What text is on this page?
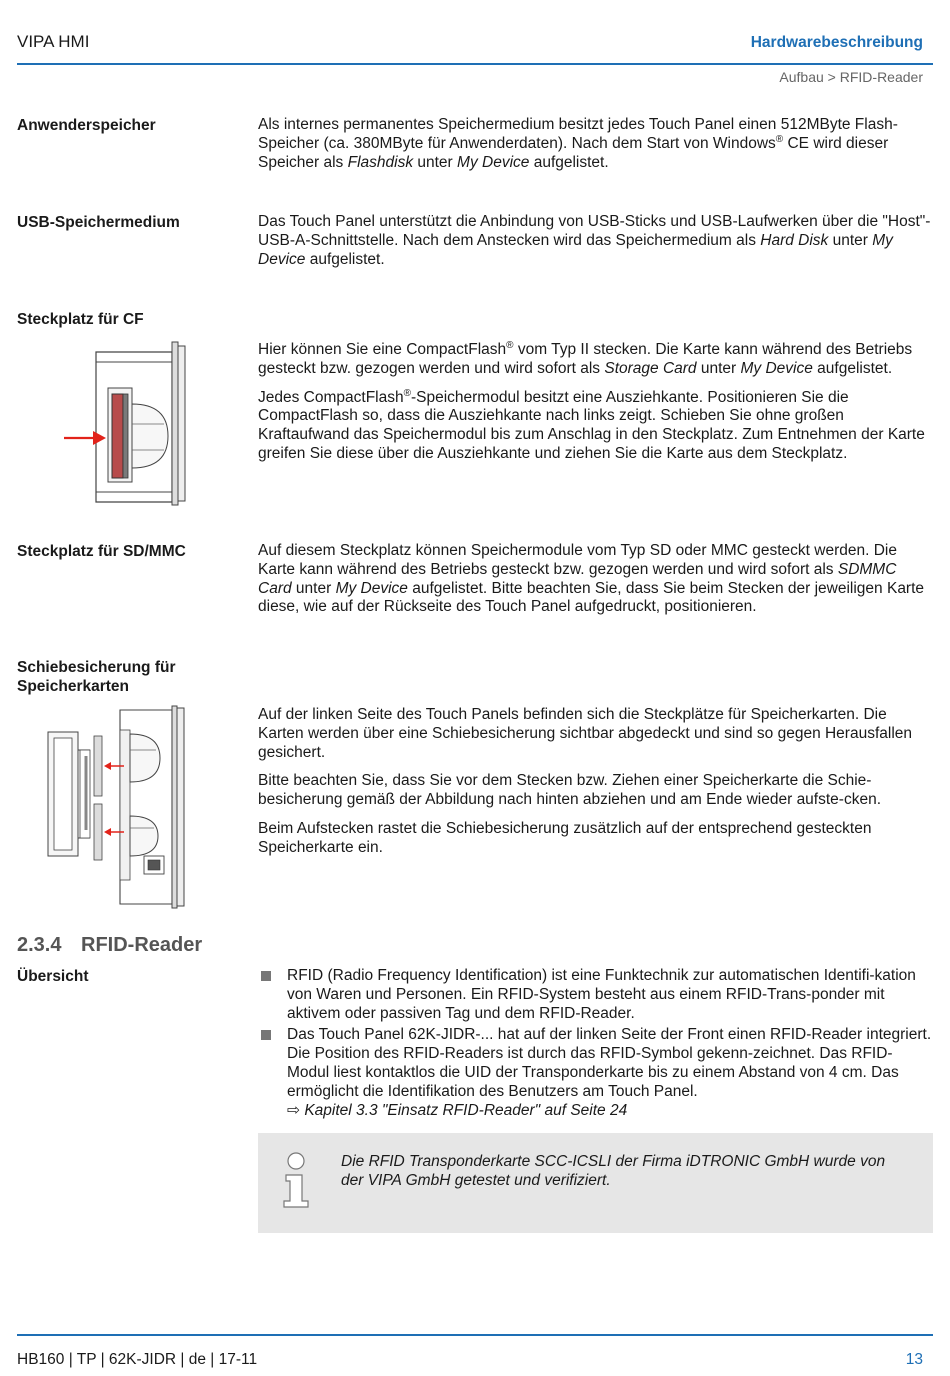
VIPA HMI	Hardwarebeschreibung
Aufbau > RFID-Reader
Anwenderspeicher	Als internes permanentes Speichermedium besitzt jedes Touch Panel einen 512MByte Flash-Speicher (ca. 380MByte für Anwenderdaten). Nach dem Start von Windows® CE wird dieser Speicher als Flashdisk unter My Device aufgelistet.

USB-Speichermedium	Das Touch Panel unterstützt die Anbindung von USB-Sticks und USB-Laufwerken über die "Host"-USB-A-Schnittstelle. Nach dem Anstecken wird das Speichermedium als Hard Disk unter My Device aufgelistet.

Steckplatz für CF

Hier können Sie eine CompactFlash® vom Typ II stecken. Die Karte kann während des Betriebs gesteckt bzw. gezogen werden und wird sofort als Storage Card unter My Device aufgelistet.

Jedes CompactFlash®-Speichermodul besitzt eine Ausziehkante. Positionieren Sie die CompactFlash so, dass die Ausziehkante nach links zeigt. Schieben Sie ohne großen Kraftaufwand das Speichermodul bis zum Anschlag in den Steckplatz. Zum Entnehmen der Karte greifen Sie diese über die Ausziehkante und ziehen Sie die Karte aus dem Steckplatz.

Steckplatz für SD/MMC	Auf diesem Steckplatz können Speichermodule vom Typ SD oder MMC gesteckt werden. Die Karte kann während des Betriebs gesteckt bzw. gezogen werden und wird sofort als SDMMC Card unter My Device aufgelistet. Bitte beachten Sie, dass Sie beim Stecken der jeweiligen Karte diese, wie auf der Rückseite des Touch Panel aufgedruckt, positionieren.

Schiebesicherung für Speicherkarten

Auf der linken Seite des Touch Panels befinden sich die Steckplätze für Speicherkarten. Die Karten werden über eine Schiebesicherung sichtbar abgedeckt und sind so gegen Herausfallen gesichert.

Bitte beachten Sie, dass Sie vor dem Stecken bzw. Ziehen einer Speicherkarte die Schie-besicherung gemäß der Abbildung nach hinten abziehen und am Ende wieder aufste-cken.

Beim Aufstecken rastet die Schiebesicherung zusätzlich auf der entsprechend gesteckten Speicherkarte ein.

2.3.4 RFID-Reader
Übersicht	RFID (Radio Frequency Identification) ist eine Funktechnik zur automatischen Identifi-kation von Waren und Personen. Ein RFID-System besteht aus einem RFID-Trans-ponder mit aktivem oder passiven Tag und dem RFID-Reader.
Das Touch Panel 62K-JIDR-... hat auf der linken Seite der Front einen RFID-Reader integriert. Die Position des RFID-Readers ist durch das RFID-Symbol gekenn-zeichnet. Das RFID-Modul liest kontaktlos die UID der Transponderkarte bis zu einem Abstand von 4 cm. Das ermöglicht die Identifikation des Benutzers am Touch Panel.
⇨ Kapitel 3.3 "Einsatz RFID-Reader" auf Seite 24
Die RFID Transponderkarte SCC-ICSLI der Firma iDTRONIC GmbH wurde von der VIPA GmbH getestet und verifiziert.
HB160 | TP | 62K-JIDR | de | 17-11	13
